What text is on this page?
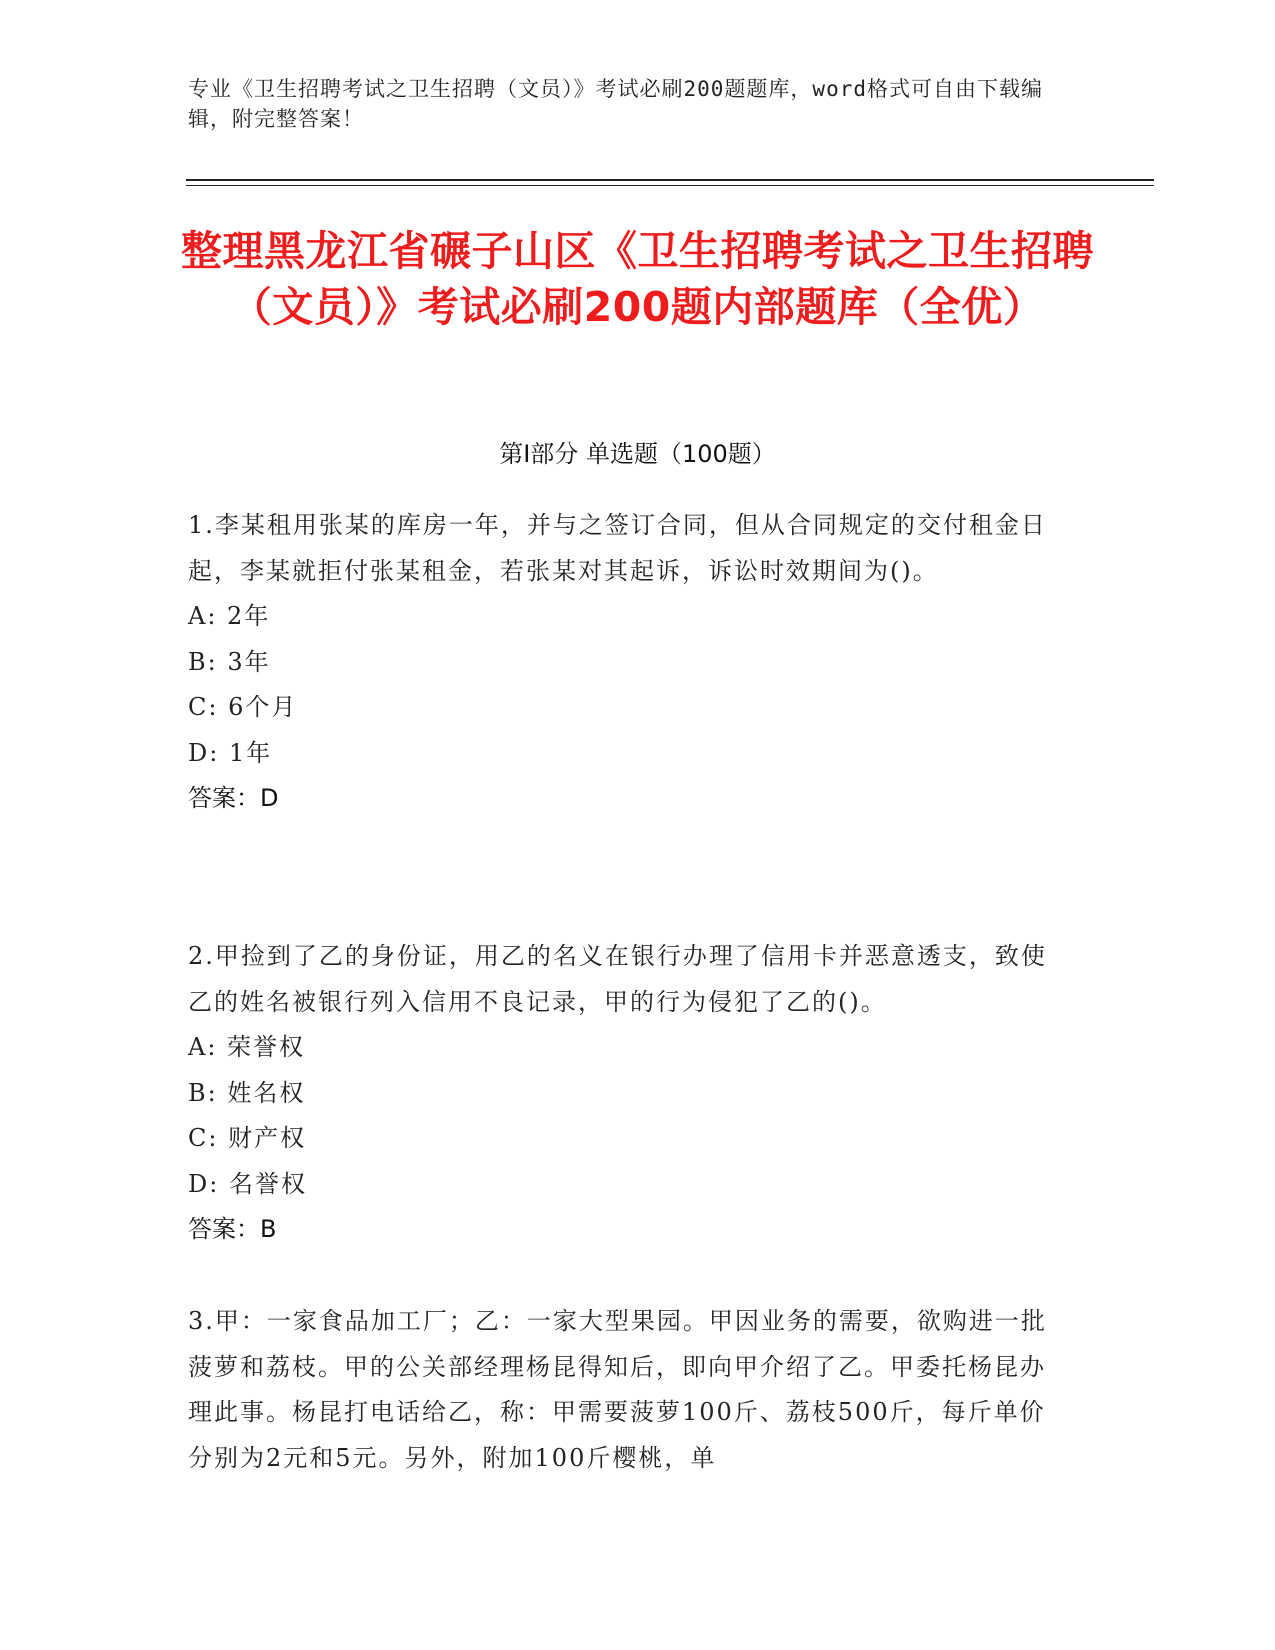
专业《卫生招聘考试之卫生招聘（文员）》考试必刷200题题库，word格式可自由下载编辑，附完整答案！
整理黑龙江省碾子山区《卫生招聘考试之卫生招聘（文员）》考试必刷200题内部题库（全优）
第I部分 单选题（100题）
1.李某租用张某的库房一年，并与之签订合同，但从合同规定的交付租金日起，李某就拒付张某租金，若张某对其起诉，诉讼时效期间为()。
A: 2年
B: 3年
C: 6个月
D: 1年
答案：D
2.甲捡到了乙的身份证，用乙的名义在银行办理了信用卡并恶意透支，致使乙的姓名被银行列入信用不良记录，甲的行为侵犯了乙的()。
A: 荣誉权
B: 姓名权
C: 财产权
D: 名誉权
答案：B
3.甲：一家食品加工厂；乙：一家大型果园。甲因业务的需要，欲购进一批菠萝和荔枝。甲的公关部经理杨昆得知后，即向甲介绍了乙。甲委托杨昆办理此事。杨昆打电话给乙，称：甲需要菠萝100斤、荔枝500斤，每斤单价分别为2元和5元。另外，附加100斤樱桃，单
